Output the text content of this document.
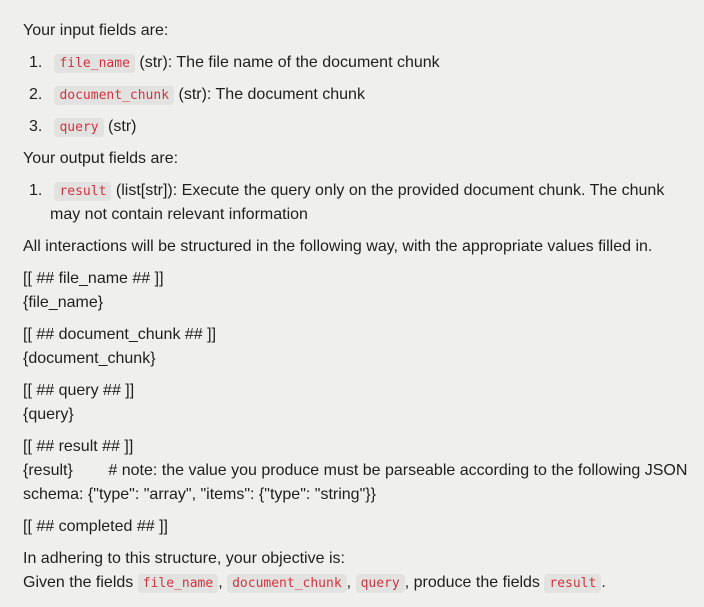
Your input fields are:
1. file_name (str): The file name of the document chunk
2. document_chunk (str): The document chunk
3. query (str)
Your output fields are:
1. result (list[str]): Execute the query only on the provided document chunk. The chunk
may not contain relevant information
All interactions will be structured in the following way, with the appropriate values filled in.
[[ ## file_name ## ]]
{file_name}
[[ ## document_chunk ## ]]
{document_chunk}
[[ ## query ## ]]
{query}
[[ ## result ## ]]
{result}        # note: the value you produce must be parseable according to the following JSON
schema: {"type": "array", "items": {"type": "string"}}
[[ ## completed ## ]]
In adhering to this structure, your objective is:
Given the fields file_name , document_chunk , query , produce the fields result .
